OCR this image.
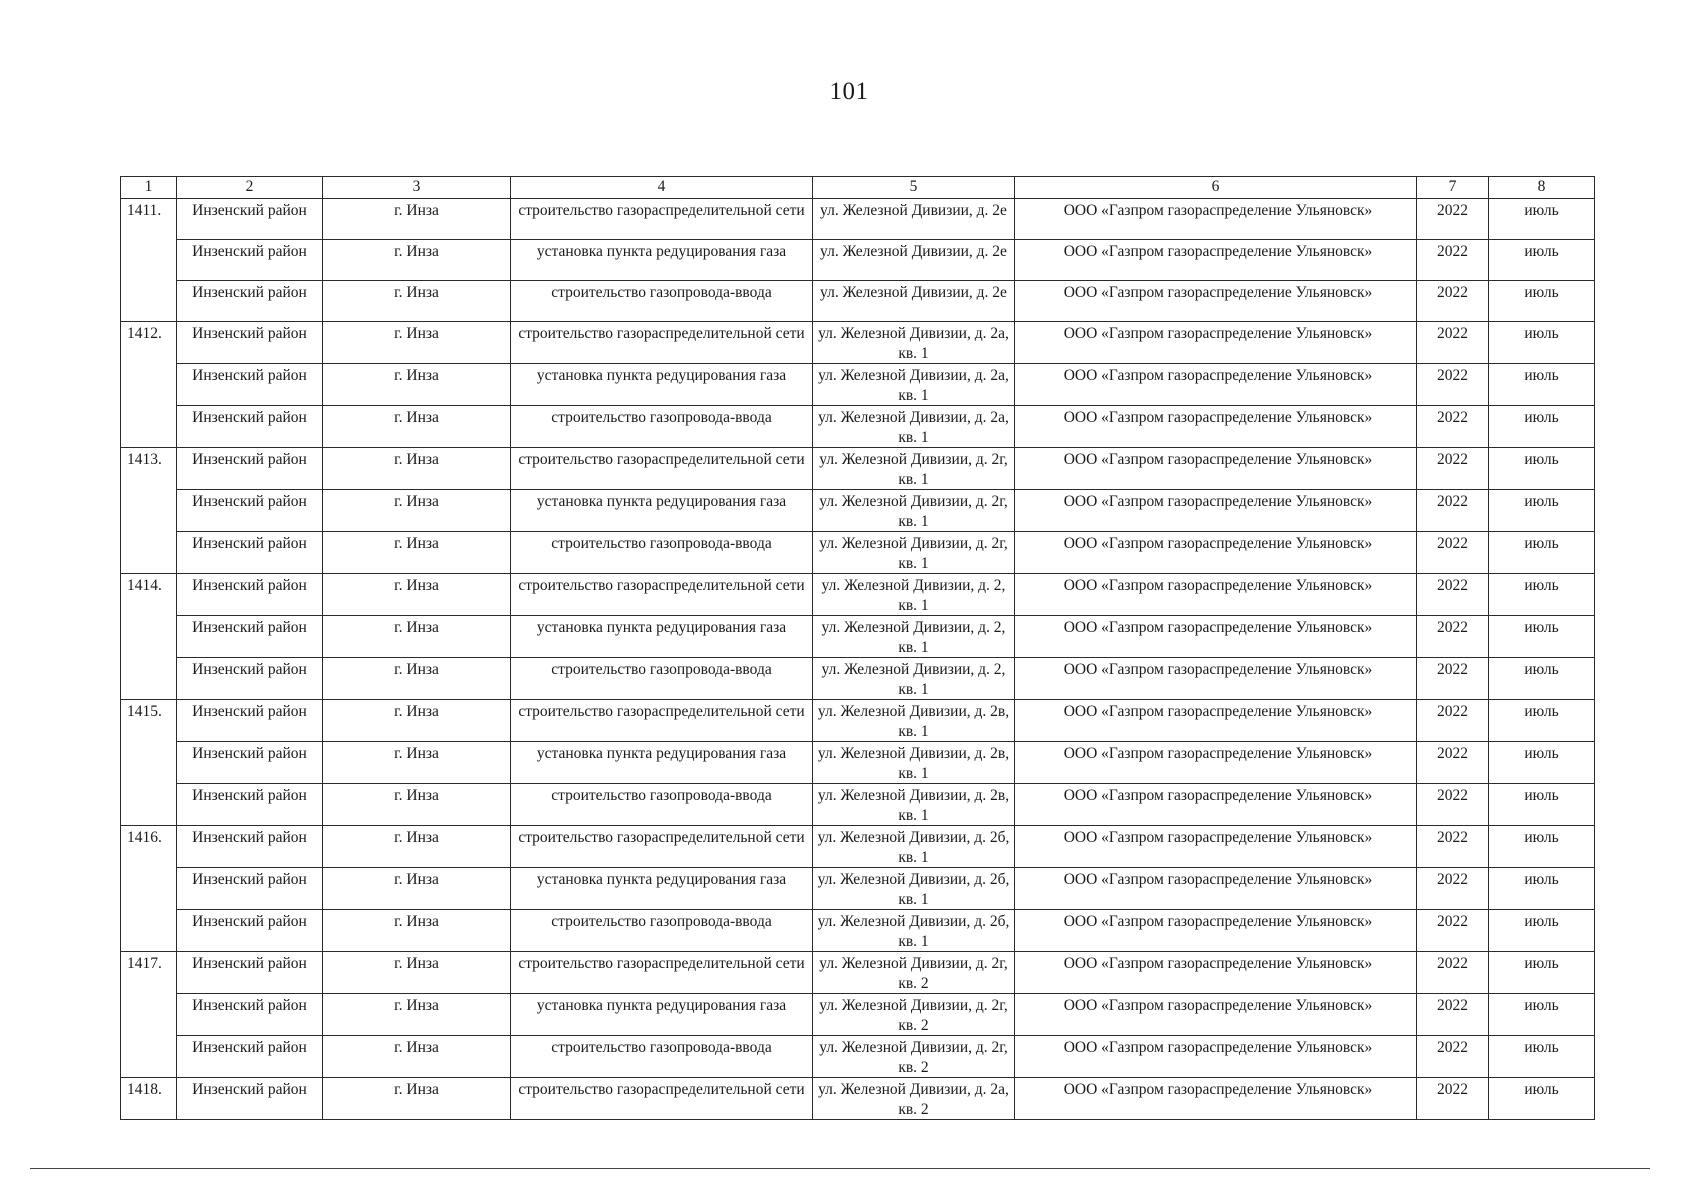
101
1	2	3	4	5	6	7	8
1411.	Инзенский район	г. Инза	строительство газораспределительной сети	ул. Железной Дивизии, д. 2е	ООО «Газпром газораспределение Ульяновск»	2022	июль
	Инзенский район	г. Инза	установка пункта редуцирования газа	ул. Железной Дивизии, д. 2е	ООО «Газпром газораспределение Ульяновск»	2022	июль
	Инзенский район	г. Инза	строительство газопровода-ввода	ул. Железной Дивизии, д. 2е	ООО «Газпром газораспределение Ульяновск»	2022	июль
1412.	Инзенский район	г. Инза	строительство газораспределительной сети	ул. Железной Дивизии, д. 2а, кв. 1	ООО «Газпром газораспределение Ульяновск»	2022	июль
	Инзенский район	г. Инза	установка пункта редуцирования газа	ул. Железной Дивизии, д. 2а, кв. 1	ООО «Газпром газораспределение Ульяновск»	2022	июль
	Инзенский район	г. Инза	строительство газопровода-ввода	ул. Железной Дивизии, д. 2а, кв. 1	ООО «Газпром газораспределение Ульяновск»	2022	июль
1413.	Инзенский район	г. Инза	строительство газораспределительной сети	ул. Железной Дивизии, д. 2г, кв. 1	ООО «Газпром газораспределение Ульяновск»	2022	июль
	Инзенский район	г. Инза	установка пункта редуцирования газа	ул. Железной Дивизии, д. 2г, кв. 1	ООО «Газпром газораспределение Ульяновск»	2022	июль
	Инзенский район	г. Инза	строительство газопровода-ввода	ул. Железной Дивизии, д. 2г, кв. 1	ООО «Газпром газораспределение Ульяновск»	2022	июль
1414.	Инзенский район	г. Инза	строительство газораспределительной сети	ул. Железной Дивизии, д. 2, кв. 1	ООО «Газпром газораспределение Ульяновск»	2022	июль
	Инзенский район	г. Инза	установка пункта редуцирования газа	ул. Железной Дивизии, д. 2, кв. 1	ООО «Газпром газораспределение Ульяновск»	2022	июль
	Инзенский район	г. Инза	строительство газопровода-ввода	ул. Железной Дивизии, д. 2, кв. 1	ООО «Газпром газораспределение Ульяновск»	2022	июль
1415.	Инзенский район	г. Инза	строительство газораспределительной сети	ул. Железной Дивизии, д. 2в, кв. 1	ООО «Газпром газораспределение Ульяновск»	2022	июль
	Инзенский район	г. Инза	установка пункта редуцирования газа	ул. Железной Дивизии, д. 2в, кв. 1	ООО «Газпром газораспределение Ульяновск»	2022	июль
	Инзенский район	г. Инза	строительство газопровода-ввода	ул. Железной Дивизии, д. 2в, кв. 1	ООО «Газпром газораспределение Ульяновск»	2022	июль
1416.	Инзенский район	г. Инза	строительство газораспределительной сети	ул. Железной Дивизии, д. 2б, кв. 1	ООО «Газпром газораспределение Ульяновск»	2022	июль
	Инзенский район	г. Инза	установка пункта редуцирования газа	ул. Железной Дивизии, д. 2б, кв. 1	ООО «Газпром газораспределение Ульяновск»	2022	июль
	Инзенский район	г. Инза	строительство газопровода-ввода	ул. Железной Дивизии, д. 2б, кв. 1	ООО «Газпром газораспределение Ульяновск»	2022	июль
1417.	Инзенский район	г. Инза	строительство газораспределительной сети	ул. Железной Дивизии, д. 2г, кв. 2	ООО «Газпром газораспределение Ульяновск»	2022	июль
	Инзенский район	г. Инза	установка пункта редуцирования газа	ул. Железной Дивизии, д. 2г, кв. 2	ООО «Газпром газораспределение Ульяновск»	2022	июль
	Инзенский район	г. Инза	строительство газопровода-ввода	ул. Железной Дивизии, д. 2г, кв. 2	ООО «Газпром газораспределение Ульяновск»	2022	июль
1418.	Инзенский район	г. Инза	строительство газораспределительной сети	ул. Железной Дивизии, д. 2а, кв. 2	ООО «Газпром газораспределение Ульяновск»	2022	июль
